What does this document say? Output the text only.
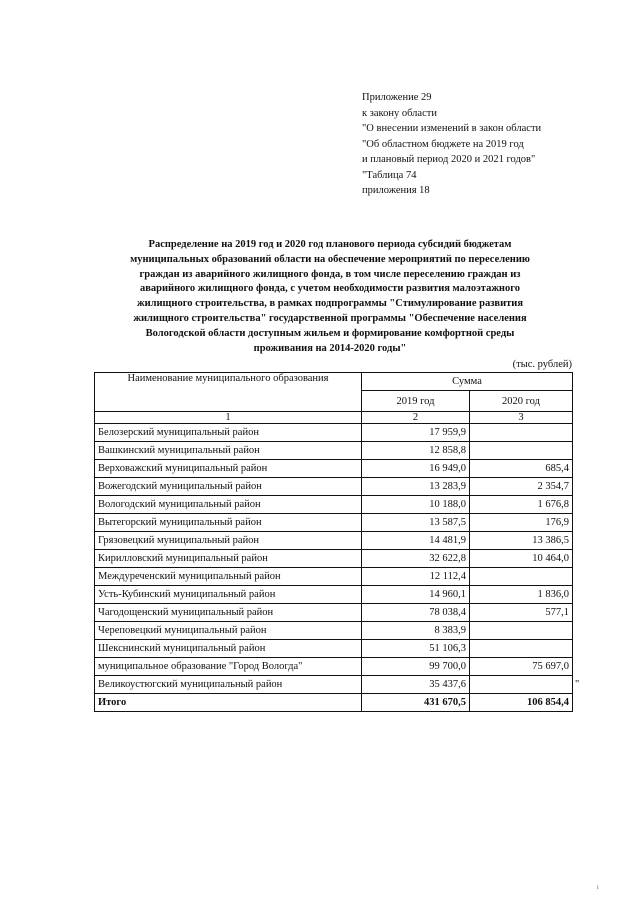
Приложение 29
к закону области
"О внесении изменений в закон области
"Об областном бюджете на 2019 год
и плановый период 2020 и 2021 годов"
"Таблица 74
приложения 18
Распределение на 2019 год и 2020 год планового периода субсидий бюджетам
муниципальных образований области на обеспечение мероприятий по переселению
граждан из аварийного жилищного фонда, в том числе переселению граждан из
аварийного жилищного фонда, с учетом необходимости развития малоэтажного
жилищного строительства, в рамках подпрограммы "Стимулирование развития
жилищного строительства" государственной программы "Обеспечение населения
Вологодской области доступным жильем и формирование комфортной среды
проживания на 2014-2020 годы"
(тыс. рублей)
Наименование муниципального образования	Сумма	
	2019 год	2020 год
1	2	3
Белозерский муниципальный район	17 959,9	
Вашкинский муниципальный район	12 858,8	
Верховажский муниципальный район	16 949,0	685,4
Вожегодский муниципальный район	13 283,9	2 354,7
Вологодский муниципальный район	10 188,0	1 676,8
Вытегорский муниципальный район	13 587,5	176,9
Грязовецкий муниципальный район	14 481,9	13 386,5
Кирилловский муниципальный район	32 622,8	10 464,0
Междуреченский муниципальный район	12 112,4	
Усть-Кубинский муниципальный район	14 960,1	1 836,0
Чагодощенский муниципальный район	78 038,4	577,1
Череповецкий муниципальный район	8 383,9	
Шекснинский муниципальный район	51 106,3	
муниципальное образование "Город Вологда"	99 700,0	75 697,0
Великоустюгский муниципальный район	35 437,6	
Итого	431 670,5	106 854,4
"
і
